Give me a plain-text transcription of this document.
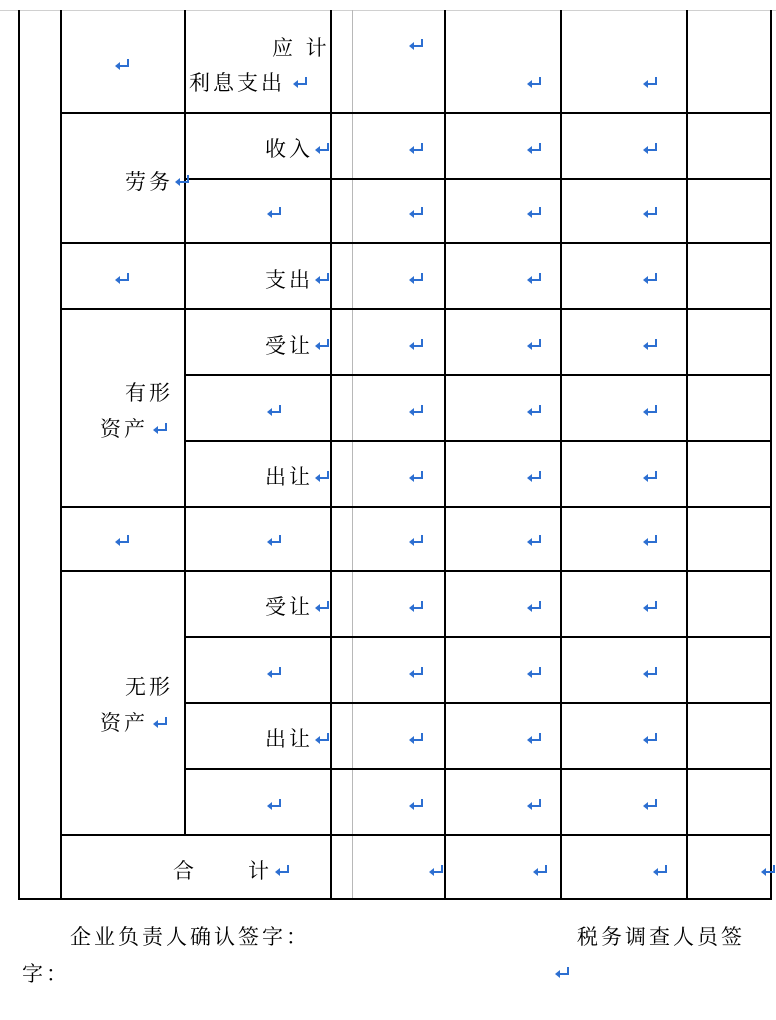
应 计
利息支出
劳务
收入
支出
有形
资产
受让
出让
无形
资产
受让
出让
合 计
企业负责人确认签字：	税务调查人员签
字：
